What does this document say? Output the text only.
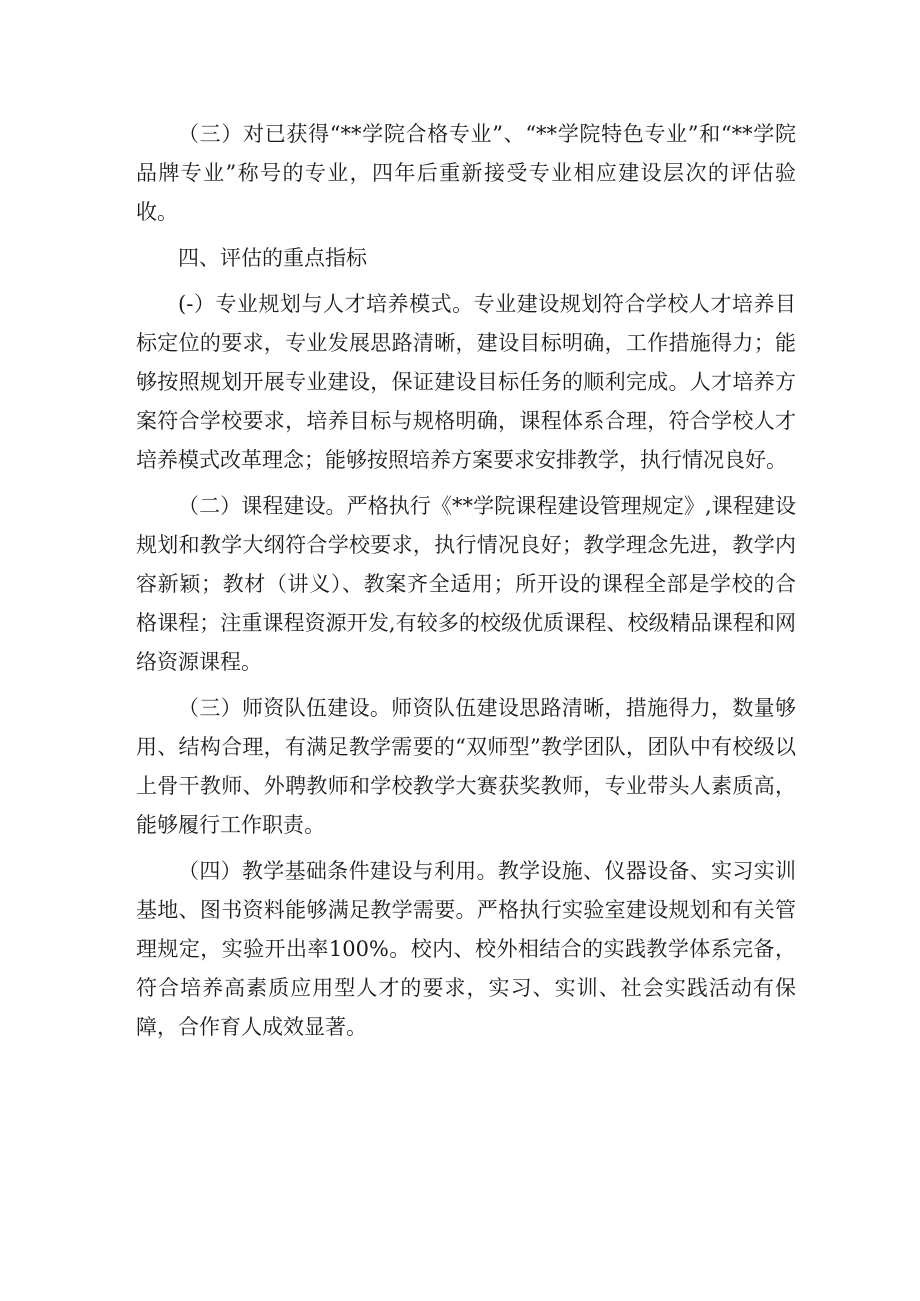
（三）对已获得“**学院合格专业”、“**学院特色专业”和“**学院品牌专业”称号的专业，四年后重新接受专业相应建设层次的评估验收。

四、评估的重点指标

(-）专业规划与人才培养模式。专业建设规划符合学校人才培养目标定位的要求，专业发展思路清晰，建设目标明确，工作措施得力；能够按照规划开展专业建设，保证建设目标任务的顺利完成。人才培养方案符合学校要求，培养目标与规格明确，课程体系合理，符合学校人才培养模式改革理念；能够按照培养方案要求安排教学，执行情况良好。

（二）课程建设。严格执行《**学院课程建设管理规定》,课程建设规划和教学大纲符合学校要求，执行情况良好；教学理念先进，教学内容新颖；教材（讲义）、教案齐全适用；所开设的课程全部是学校的合格课程；注重课程资源开发,有较多的校级优质课程、校级精品课程和网络资源课程。

（三）师资队伍建设。师资队伍建设思路清晰，措施得力，数量够用、结构合理，有满足教学需要的“双师型”教学团队，团队中有校级以上骨干教师、外聘教师和学校教学大赛获奖教师，专业带头人素质高，能够履行工作职责。

（四）教学基础条件建设与利用。教学设施、仪器设备、实习实训基地、图书资料能够满足教学需要。严格执行实验室建设规划和有关管理规定，实验开出率100%。校内、校外相结合的实践教学体系完备，符合培养高素质应用型人才的要求，实习、实训、社会实践活动有保障，合作育人成效显著。
